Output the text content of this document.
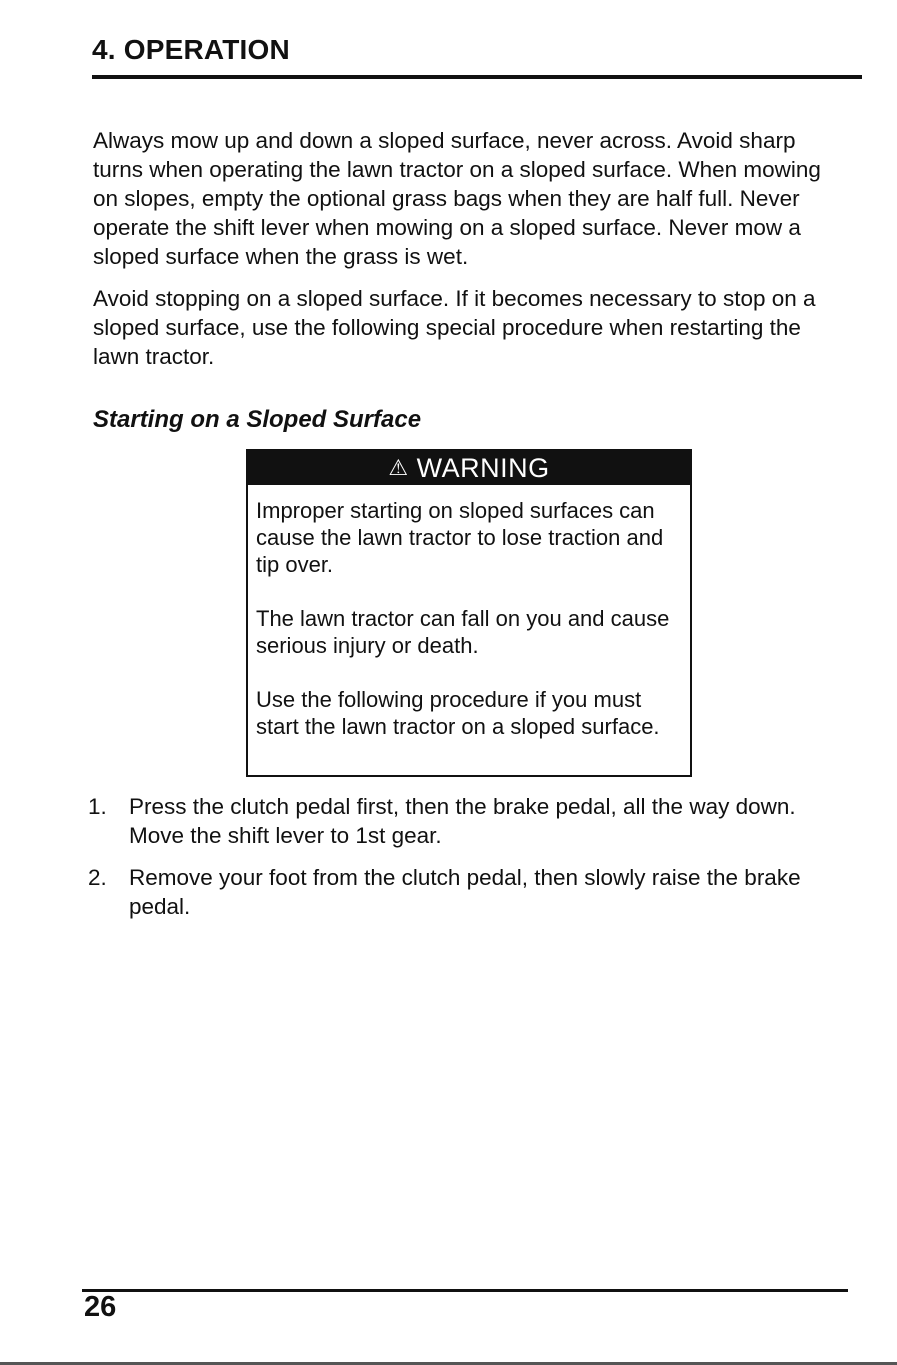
4. OPERATION

Always mow up and down a sloped surface, never across. Avoid sharp turns when operating the lawn tractor on a sloped surface. When mowing on slopes, empty the optional grass bags when they are half full. Never operate the shift lever when mowing on a sloped surface. Never mow a sloped surface when the grass is wet.

Avoid stopping on a sloped surface. If it becomes necessary to stop on a sloped surface, use the following special procedure when restarting the lawn tractor.

Starting on a Sloped Surface
⚠ WARNING

Improper starting on sloped surfaces can cause the lawn tractor to lose traction and tip over.

The lawn tractor can fall on you and cause serious injury or death.

Use the following procedure if you must start the lawn tractor on a sloped surface.

1. Press the clutch pedal first, then the brake pedal, all the way down. Move the shift lever to 1st gear.
2. Remove your foot from the clutch pedal, then slowly raise the brake pedal.

26
